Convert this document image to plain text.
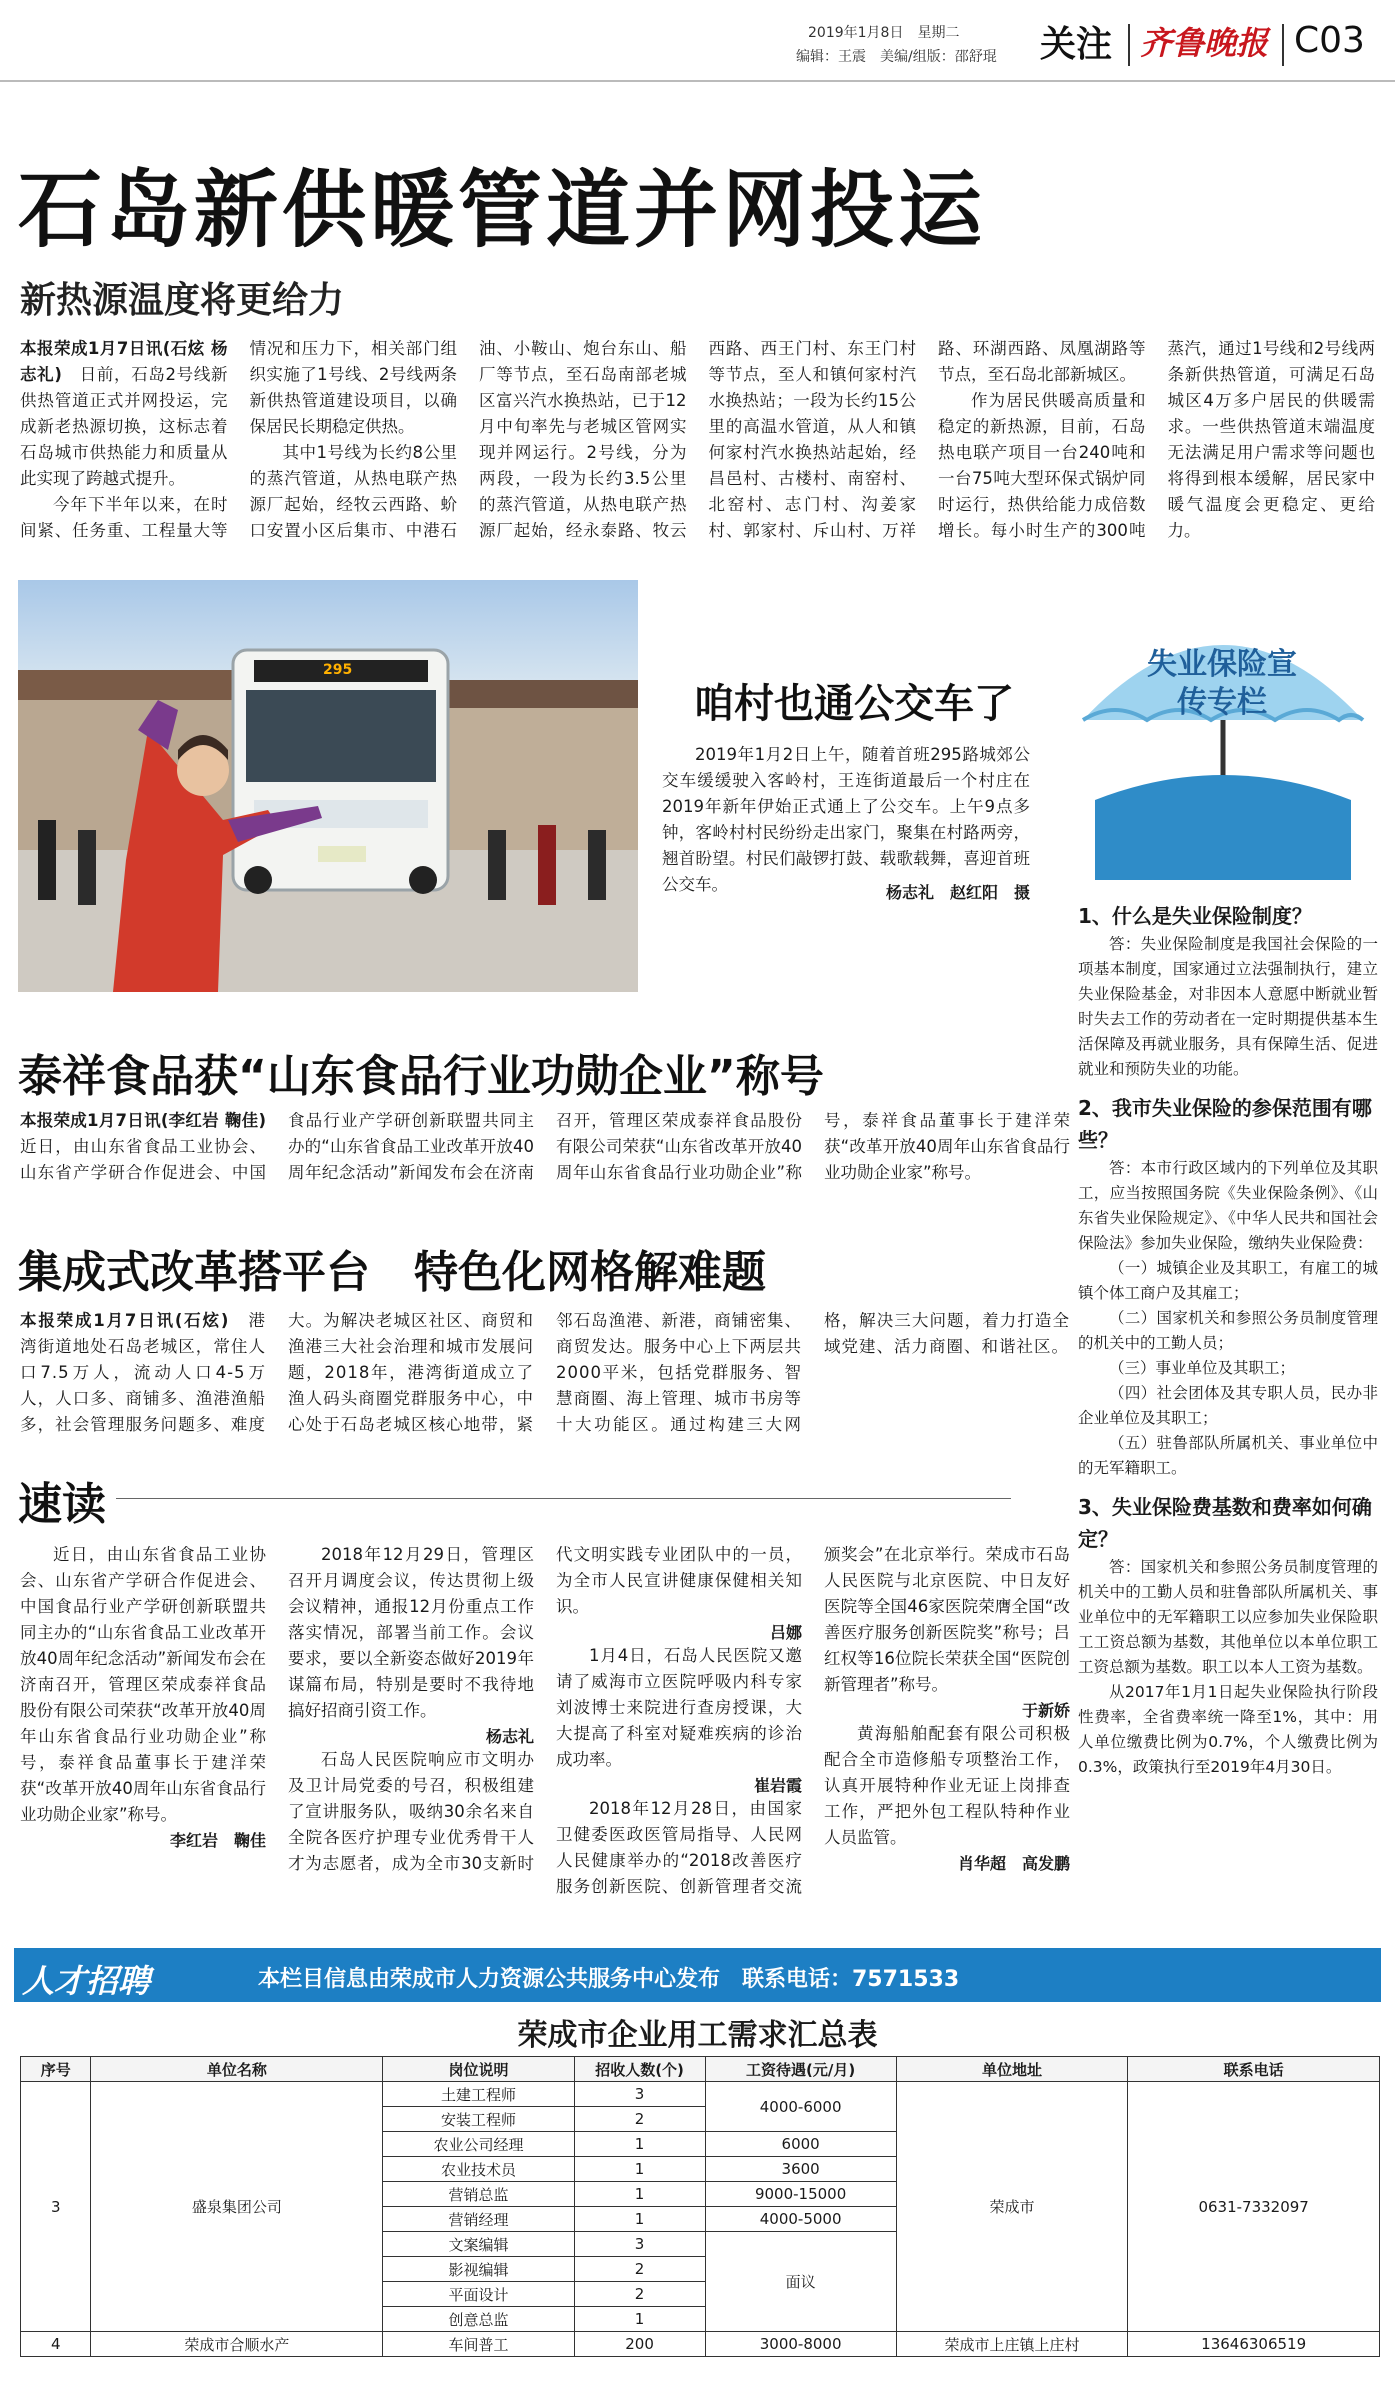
2019年1月8日　 星期二
编辑：王震　美编/组版：邵舒琨 关注 齐鲁晚报 C03
石岛新供暖管道并网投运
新热源温度将更给力

本报荣成1月7日讯(石炫 杨志礼)　 日前，石岛2号线新供热管道正式并网投运，完成新老热源切换，这标志着石岛城市供热能力和质量从此实现了跨越式提升。

今年下半年以来，在时间紧、任务重、工程量大等情况和压力下，相关部门组织实施了1号线、2号线两条新供热管道建设项目，以确保居民长期稳定供热。

其中1号线为长约8公里的蒸汽管道，从热电联产热源厂起始，经牧云西路、蚧口安置小区后集市、中港石油、小鞍山、炮台东山、船厂等节点，至石岛南部老城区富兴汽水换热站，已于12月中旬率先与老城区管网实现并网运行。2号线，分为两段，一段为长约3.5公里的蒸汽管道，从热电联产热源厂起始，经永泰路、牧云西路、西王门村、东王门村等节点，至人和镇何家村汽水换热站；一段为长约15公里的高温水管道，从人和镇何家村汽水换热站起始，经昌邑村、古楼村、南窑村、北窑村、志门村、沟姜家村、郭家村、斥山村、万祥路、环湖西路、凤凰湖路等节点，至石岛北部新城区。

作为居民供暖高质量和稳定的新热源，目前，石岛热电联产项目一台240吨和一台75吨大型环保式锅炉同时运行，热供给能力成倍数增长。每小时生产的300吨蒸汽，通过1号线和2号线两条新供热管道，可满足石岛城区4万多户居民的供暖需求。一些供热管道末端温度无法满足用户需求等问题也将得到根本缓解，居民家中暖气温度会更稳定、更给力。

295
咱村也通公交车了

2019年1月2日上午，随着首班295路城郊公交车缓缓驶入客岭村，王连街道最后一个村庄在2019年新年伊始正式通上了公交车。上午9点多钟，客岭村村民纷纷走出家门，聚集在村路两旁，翘首盼望。村民们敲锣打鼓、载歌载舞，喜迎首班公交车。	杨志礼　赵红阳　摄
泰祥食品获“山东食品行业功勋企业”称号

本报荣成1月7日讯(李红岩 鞠佳)　近日，由山东省食品工业协会、山东省产学研合作促进会、中国食品行业产学研创新联盟共同主办的“山东省食品工业改革开放40周年纪念活动”新闻发布会在济南召开，管理区荣成泰祥食品股份有限公司荣获“山东省改革开放40周年山东省食品行业功勋企业”称号，泰祥食品董事长于建洋荣获“改革开放40周年山东省食品行业功勋企业家”称号。

集成式改革搭平台　特色化网格解难题

本报荣成1月7日讯(石炫)　 港湾街道地处石岛老城区，常住人口7.5万人，流动人口4-5万人，人口多、商铺多、渔港渔船多，社会管理服务问题多、难度大。为解决老城区社区、商贸和渔港三大社会治理和城市发展问题，2018年，港湾街道成立了渔人码头商圈党群服务中心，中心处于石岛老城区核心地带，紧邻石岛渔港、新港，商铺密集、商贸发达。服务中心上下两层共2000平米，包括党群服务、智慧商圈、海上管理、城市书房等十大功能区。通过构建三大网格，解决三大问题，着力打造全域党建、活力商圈、和谐社区。

速读

近日，由山东省食品工业协会、山东省产学研合作促进会、中国食品行业产学研创新联盟共同主办的“山东省食品工业改革开放40周年纪念活动”新闻发布会在济南召开，管理区荣成泰祥食品股份有限公司荣获“改革开放40周年山东省食品行业功勋企业”称号，泰祥食品董事长于建洋荣获“改革开放40周年山东省食品行业功勋企业家”称号。

李红岩　鞠佳

2018年12月29日，管理区召开月调度会议，传达贯彻上级会议精神，通报12月份重点工作落实情况，部署当前工作。会议要求，要以全新姿态做好2019年谋篇布局，特别是要时不我待地搞好招商引资工作。

杨志礼

石岛人民医院响应市文明办及卫计局党委的号召，积极组建了宣讲服务队，吸纳30余名来自全院各医疗护理专业优秀骨干人才为志愿者，成为全市30支新时代文明实践专业团队中的一员，为全市人民宣讲健康保健相关知识。

吕娜

1月4日，石岛人民医院又邀请了威海市立医院呼吸内科专家刘波博士来院进行查房授课，大大提高了科室对疑难疾病的诊治成功率。

崔岩霞

2018年12月28日，由国家卫健委医政医管局指导、人民网人民健康举办的“2018改善医疗服务创新医院、创新管理者交流颁奖会”在北京举行。荣成市石岛人民医院与北京医院、中日友好医院等全国46家医院荣膺全国“改善医疗服务创新医院奖”称号；吕红权等16位院长荣获全国“医院创新管理者”称号。

于新娇

黄海船舶配套有限公司积极配合全市造修船专项整治工作，认真开展特种作业无证上岗排查工作，严把外包工程队特种作业人员监管。

肖华超　高发鹏
失业保险宣传专栏

1、什么是失业保险制度？

答：失业保险制度是我国社会保险的一项基本制度，国家通过立法强制执行，建立失业保险基金，对非因本人意愿中断就业暂时失去工作的劳动者在一定时期提供基本生活保障及再就业服务，具有保障生活、促进就业和预防失业的功能。

2、我市失业保险的参保范围有哪些？

答：本市行政区域内的下列单位及其职工，应当按照国务院《失业保险条例》、《山东省失业保险规定》、《中华人民共和国社会保险法》参加失业保险，缴纳失业保险费：

（一）城镇企业及其职工，有雇工的城镇个体工商户及其雇工；

（二）国家机关和参照公务员制度管理的机关中的工勤人员；

（三）事业单位及其职工；

（四）社会团体及其专职人员，民办非企业单位及其职工；

（五）驻鲁部队所属机关、事业单位中的无军籍职工。

3、失业保险费基数和费率如何确定？

答：国家机关和参照公务员制度管理的机关中的工勤人员和驻鲁部队所属机关、事业单位中的无军籍职工以应参加失业保险职工工资总额为基数，其他单位以本单位职工工资总额为基数。职工以本人工资为基数。

从2017年1月1日起失业保险执行阶段性费率，全省费率统一降至1%，其中：用人单位缴费比例为0.7%，个人缴费比例为0.3%，政策执行至2019年4月30日。

人才招聘	本栏目信息由荣成市人力资源公共服务中心发布　联系电话：7571533
荣成市企业用工需求汇总表
序号	单位名称	岗位说明	招收人数(个)	工资待遇(元/月)	单位地址	联系电话
3	盛泉集团公司	土建工程师	3	4000-6000	荣成市	0631-7332097
		安装工程师	2			
		农业公司经理	1	6000		
		农业技术员	1	3600		
		营销总监	1	9000-15000		
		营销经理	1	4000-5000		
		文案编辑	3	面议		
		影视编辑	2			
		平面设计	2			
		创意总监	1			
4	荣成市合顺水产	车间普工	200	3000-8000	荣成市上庄镇上庄村	13646306519
